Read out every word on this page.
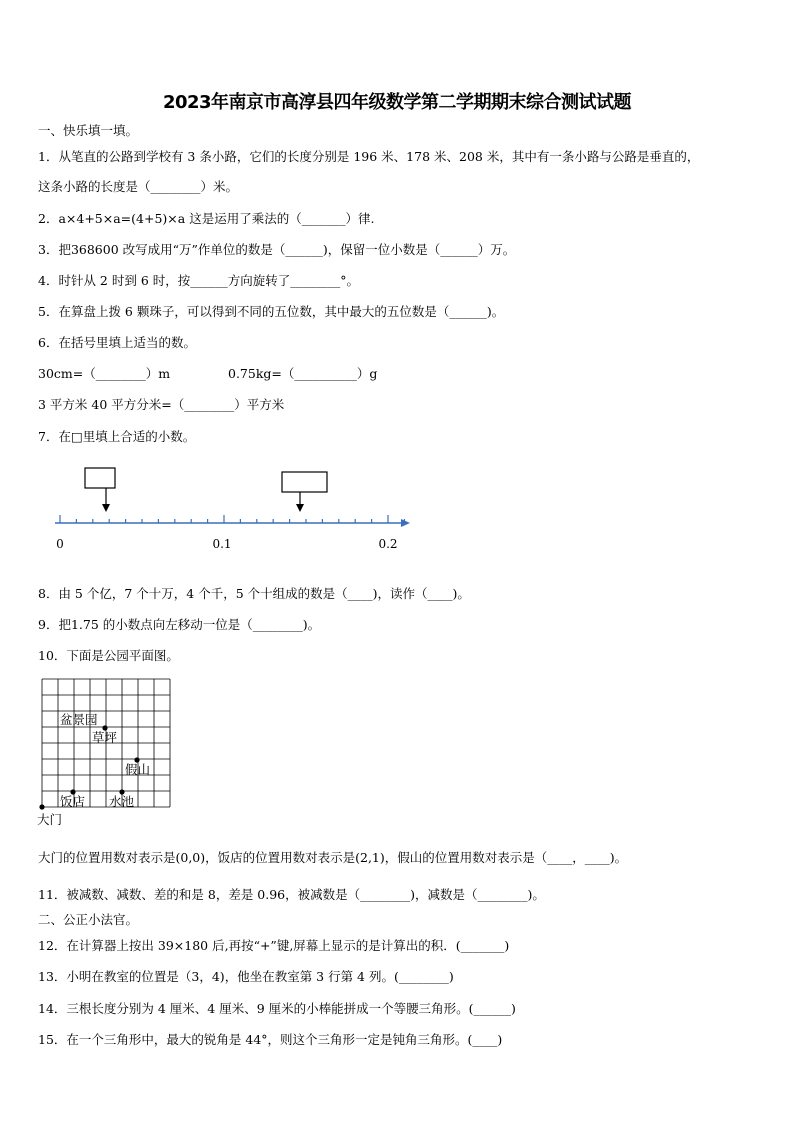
2023年南京市高淳县四年级数学第二学期期末综合测试试题
一、快乐填一填。
1．从笔直的公路到学校有 3 条小路，它们的长度分别是 196 米、178 米、208 米，其中有一条小路与公路是垂直的，
这条小路的长度是（________）米。
2．a×4+5×a=(4+5)×a 这是运用了乘法的（_______）律.
3．把368600 改写成用“万”作单位的数是（______)，保留一位小数是（______）万。
4．时针从 2 时到 6 时，按______方向旋转了________°。
5．在算盘上拨 6 颗珠子，可以得到不同的五位数，其中最大的五位数是（______)。
6．在括号里填上适当的数。
30cm=（________）m	0.75kg=（__________）g
3 平方米 40 平方分米=（________）平方米
7．在□里填上合适的小数。
0	0.1	0.2
8．由 5 个亿，7 个十万，4 个千，5 个十组成的数是（____)，读作（____)。
9．把1.75 的小数点向左移动一位是（________)。
10．下面是公园平面图。
盆景园
草坪
假山
饭店 水池
大门
大门的位置用数对表示是(0,0)，饭店的位置用数对表示是(2,1)，假山的位置用数对表示是（____，____)。
11．被减数、减数、差的和是 8，差是 0.96，被减数是（________)，减数是（________)。
二、公正小法官。
12．在计算器上按出 39×180 后,再按“+”键,屏幕上显示的是计算出的积．(_______)
13．小明在教室的位置是（3，4)，他坐在教室第 3 行第 4 列。(________)
14．三根长度分别为 4 厘米、4 厘米、9 厘米的小棒能拼成一个等腰三角形。(______)
15．在一个三角形中，最大的锐角是 44°，则这个三角形一定是钝角三角形。(____)
